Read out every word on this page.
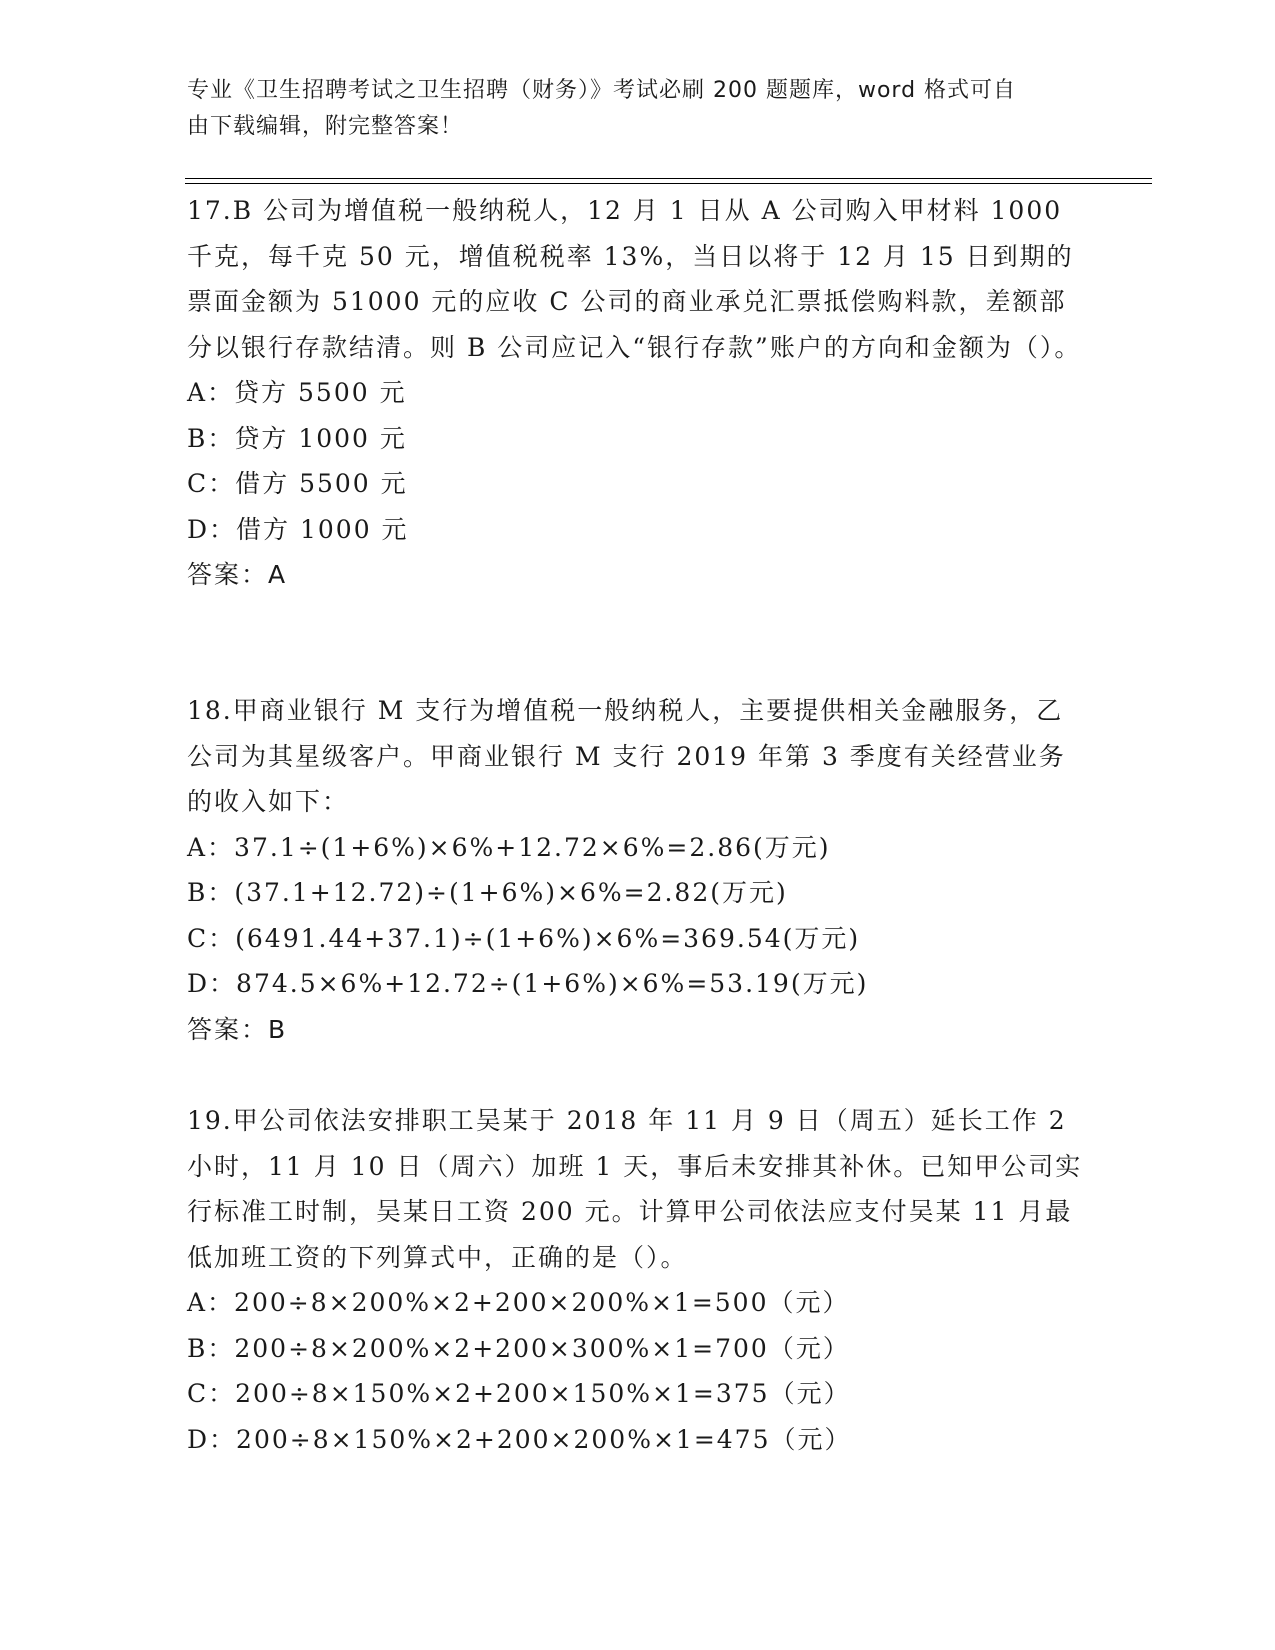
专业《卫生招聘考试之卫生招聘（财务）》考试必刷 200 题题库，word 格式可自
由下载编辑，附完整答案！

17.B 公司为增值税一般纳税人，12 月 1 日从 A 公司购入甲材料 1000 千克，每千克 50 元，增值税税率 13%，当日以将于 12 月 15 日到期的票面金额为 51000 元的应收 C 公司的商业承兑汇票抵偿购料款，差额部分以银行存款结清。则 B 公司应记入“银行存款”账户的方向和金额为（）。

A：贷方 5500 元

B：贷方 1000 元

C：借方 5500 元

D：借方 1000 元

答案：A

18.甲商业银行 M 支行为增值税一般纳税人，主要提供相关金融服务，乙公司为其星级客户。甲商业银行 M 支行 2019 年第 3 季度有关经营业务的收入如下：

A：37.1÷(1+6%)×6%+12.72×6%=2.86(万元)

B：(37.1+12.72)÷(1+6%)×6%=2.82(万元)

C：(6491.44+37.1)÷(1+6%)×6%=369.54(万元)

D：874.5×6%+12.72÷(1+6%)×6%=53.19(万元)

答案：B

19.甲公司依法安排职工吴某于 2018 年 11 月 9 日（周五）延长工作 2 小时，11 月 10 日（周六）加班 1 天，事后未安排其补休。已知甲公司实行标准工时制，吴某日工资 200 元。计算甲公司依法应支付吴某 11 月最低加班工资的下列算式中，正确的是（）。

A：200÷8×200%×2+200×200%×1=500（元）

B：200÷8×200%×2+200×300%×1=700（元）

C：200÷8×150%×2+200×150%×1=375（元）

D：200÷8×150%×2+200×200%×1=475（元）
